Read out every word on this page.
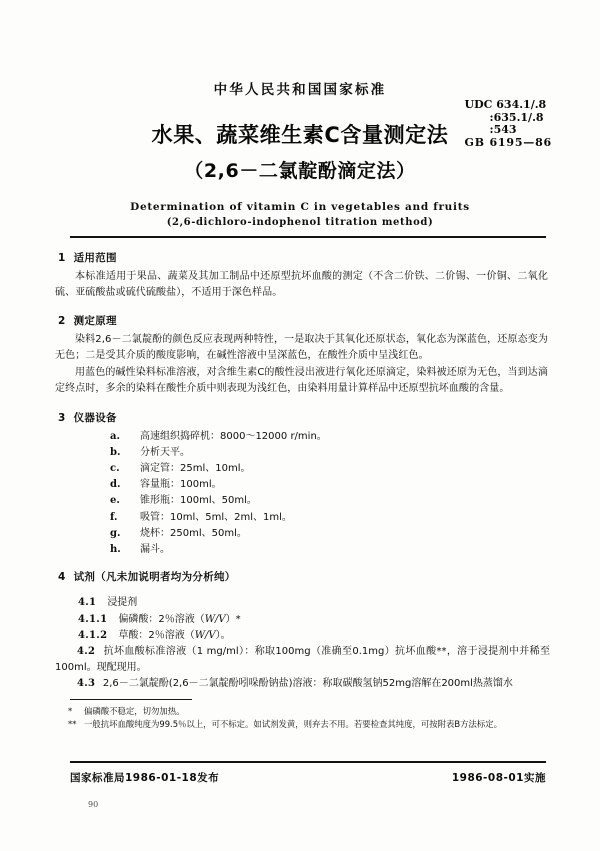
中华人民共和国国家标准
水果、蔬菜维生素C含量测定法
（2,6－二氯靛酚滴定法）
Determination of vitamin C in vegetables and fruits
(2,6-dichloro-indophenol titration method)
UDC 634.1/.8
:635.1/.8
:543
GB 6195—86
1 适用范围

本标准适用于果品、蔬菜及其加工制品中还原型抗坏血酸的测定（不含二价铁、二价锡、一价铜、二氧化硫、亚硫酸盐或硫代硫酸盐），不适用于深色样品。

2 测定原理

染料2,6－二氯靛酚的颜色反应表现两种特性，一是取决于其氧化还原状态，氧化态为深蓝色，还原态变为无色；二是受其介质的酸度影响，在碱性溶液中呈深蓝色，在酸性介质中呈浅红色。

用蓝色的碱性染料标准溶液，对含维生素C的酸性浸出液进行氧化还原滴定，染料被还原为无色，当到达滴定终点时，多余的染料在酸性介质中则表现为浅红色，由染料用量计算样品中还原型抗坏血酸的含量。

3 仪器设备
a.	高速组织捣碎机：8000～12000 r/min。
b.	分析天平。
c.	滴定管：25ml、10ml。
d.	容量瓶：100ml。
e.	锥形瓶：100ml、50ml。
f.	吸管：10ml、5ml、2ml、1ml。
g.	烧杯：250ml、50ml。
h.	漏斗。
4 试剂（凡未加说明者均为分析纯）
4.1 浸提剂
4.1.1 偏磷酸：2％溶液（W/V）*
4.1.2 草酸：2％溶液（W/V）。

4.2 抗坏血酸标准溶液（1 mg/ml）：称取100mg（准确至0.1mg）抗坏血酸**，溶于浸提剂中并稀至100ml。现配现用。

4.3 2,6－二氯靛酚(2,6－二氯靛酚吲哚酚钠盐)溶液：称取碳酸氢钠52mg溶解在200ml热蒸馏水

*	偏磷酸不稳定，切勿加热。
** 一般抗坏血酸纯度为99.5％以上，可不标定。如试剂发黄，则弃去不用。若要检查其纯度，可按附表B方法标定。
国家标准局1986-01-18发布	1986-08-01实施
90
